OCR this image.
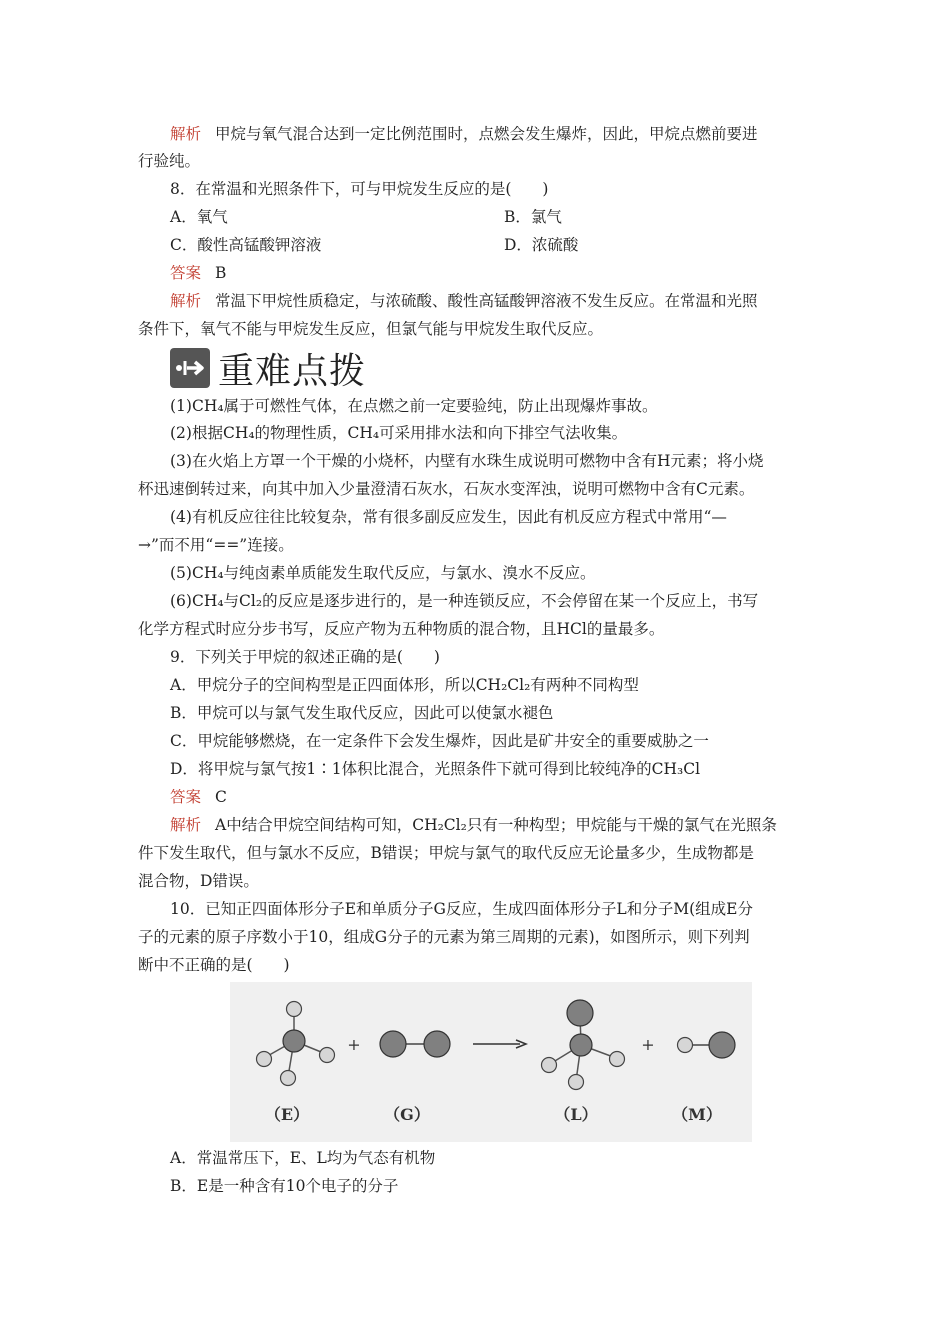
解析 甲烷与氧气混合达到一定比例范围时，点燃会发生爆炸，因此，甲烷点燃前要进
行验纯。
8．在常温和光照条件下，可与甲烷发生反应的是(　　)
A．氧气	B．氯气
C．酸性高锰酸钾溶液	D．浓硫酸
答案 B
解析 常温下甲烷性质稳定，与浓硫酸、酸性高锰酸钾溶液不发生反应。在常温和光照
条件下，氧气不能与甲烷发生反应，但氯气能与甲烷发生取代反应。
重难点拨
(1)CH₄属于可燃性气体，在点燃之前一定要验纯，防止出现爆炸事故。
(2)根据CH₄的物理性质，CH₄可采用排水法和向下排空气法收集。
(3)在火焰上方罩一个干燥的小烧杯，内壁有水珠生成说明可燃物中含有H元素；将小烧
杯迅速倒转过来，向其中加入少量澄清石灰水，石灰水变浑浊，说明可燃物中含有C元素。
(4)有机反应往往比较复杂，常有很多副反应发生，因此有机反应方程式中常用“—
→”而不用“==”连接。
(5)CH₄与纯卤素单质能发生取代反应，与氯水、溴水不反应。
(6)CH₄与Cl₂的反应是逐步进行的，是一种连锁反应，不会停留在某一个反应上，书写
化学方程式时应分步书写，反应产物为五种物质的混合物，且HCl的量最多。
9．下列关于甲烷的叙述正确的是(　　)
A．甲烷分子的空间构型是正四面体形，所以CH₂Cl₂有两种不同构型
B．甲烷可以与氯气发生取代反应，因此可以使氯水褪色
C．甲烷能够燃烧，在一定条件下会发生爆炸，因此是矿井安全的重要威胁之一
D．将甲烷与氯气按1∶1体积比混合，光照条件下就可得到比较纯净的CH₃Cl
答案 C
解析 A中结合甲烷空间结构可知，CH₂Cl₂只有一种构型；甲烷能与干燥的氯气在光照条
件下发生取代，但与氯水不反应，B错误；甲烷与氯气的取代反应无论量多少，生成物都是
混合物，D错误。
10．已知正四面体形分子E和单质分子G反应，生成四面体形分子L和分子M(组成E分
子的元素的原子序数小于10，组成G分子的元素为第三周期的元素)，如图所示，则下列判
断中不正确的是(　　)
+	+
（E）	（G）	（L）	（M）
A．常温常压下，E、L均为气态有机物
B．E是一种含有10个电子的分子
